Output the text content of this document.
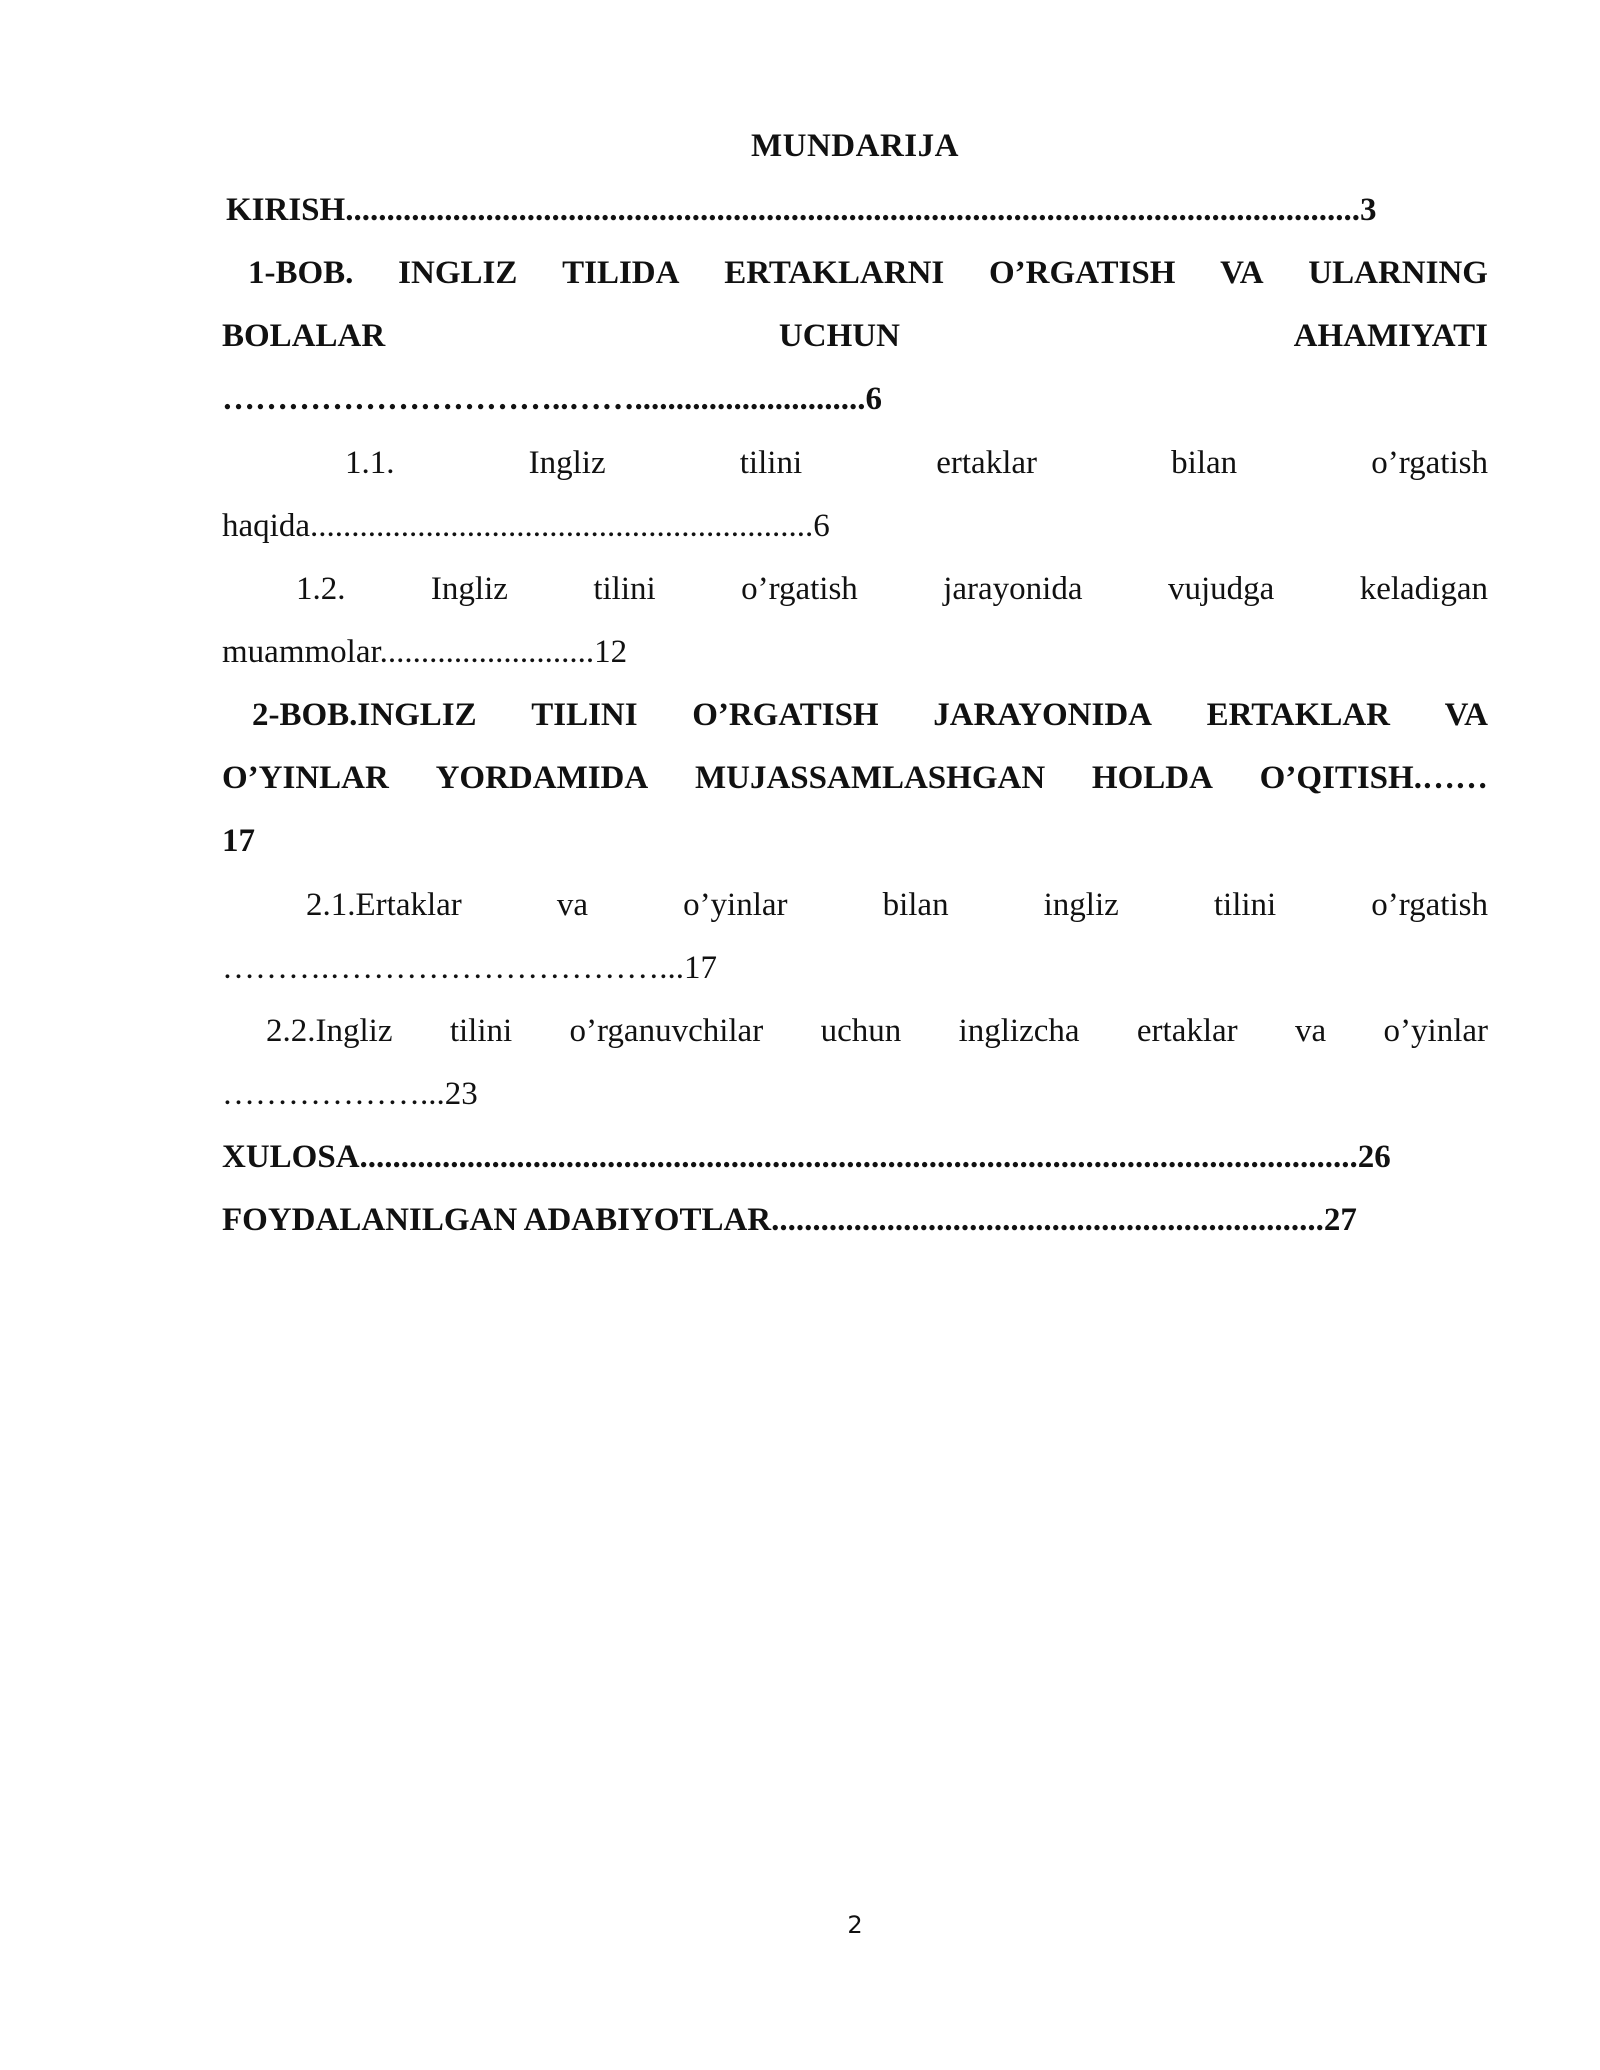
MUNDARIJA
KIRISH...........................................................................................................................3
1-BOB. INGLIZ TILIDA ERTAKLARNI O’RGATISH VA ULARNING
BOLALAR	UCHUN	AHAMIYATI
…………………………..……............................6
1.1.	Ingliz	tilini	ertaklar	bilan	o’rgatish
haqida.............................................................6
1.2.	Ingliz	tilini	o’rgatish	jarayonida	vujudga	keladigan
muammolar..........................12
2-BOB.INGLIZ TILINI O’RGATISH JARAYONIDA ERTAKLAR VA
O’YINLAR YORDAMIDA MUJASSAMLASHGAN HOLDA O’QITISH.……
17
2.1.Ertaklar	va	o’yinlar	bilan	ingliz	tilini	o’rgatish
……….…………………………...17
2.2.Ingliz tilini o’rganuvchilar uchun inglizcha ertaklar va o’yinlar
………………...23
XULOSA.........................................................................................................................26
FOYDALANILGAN ADABIYOTLAR...................................................................27
2
